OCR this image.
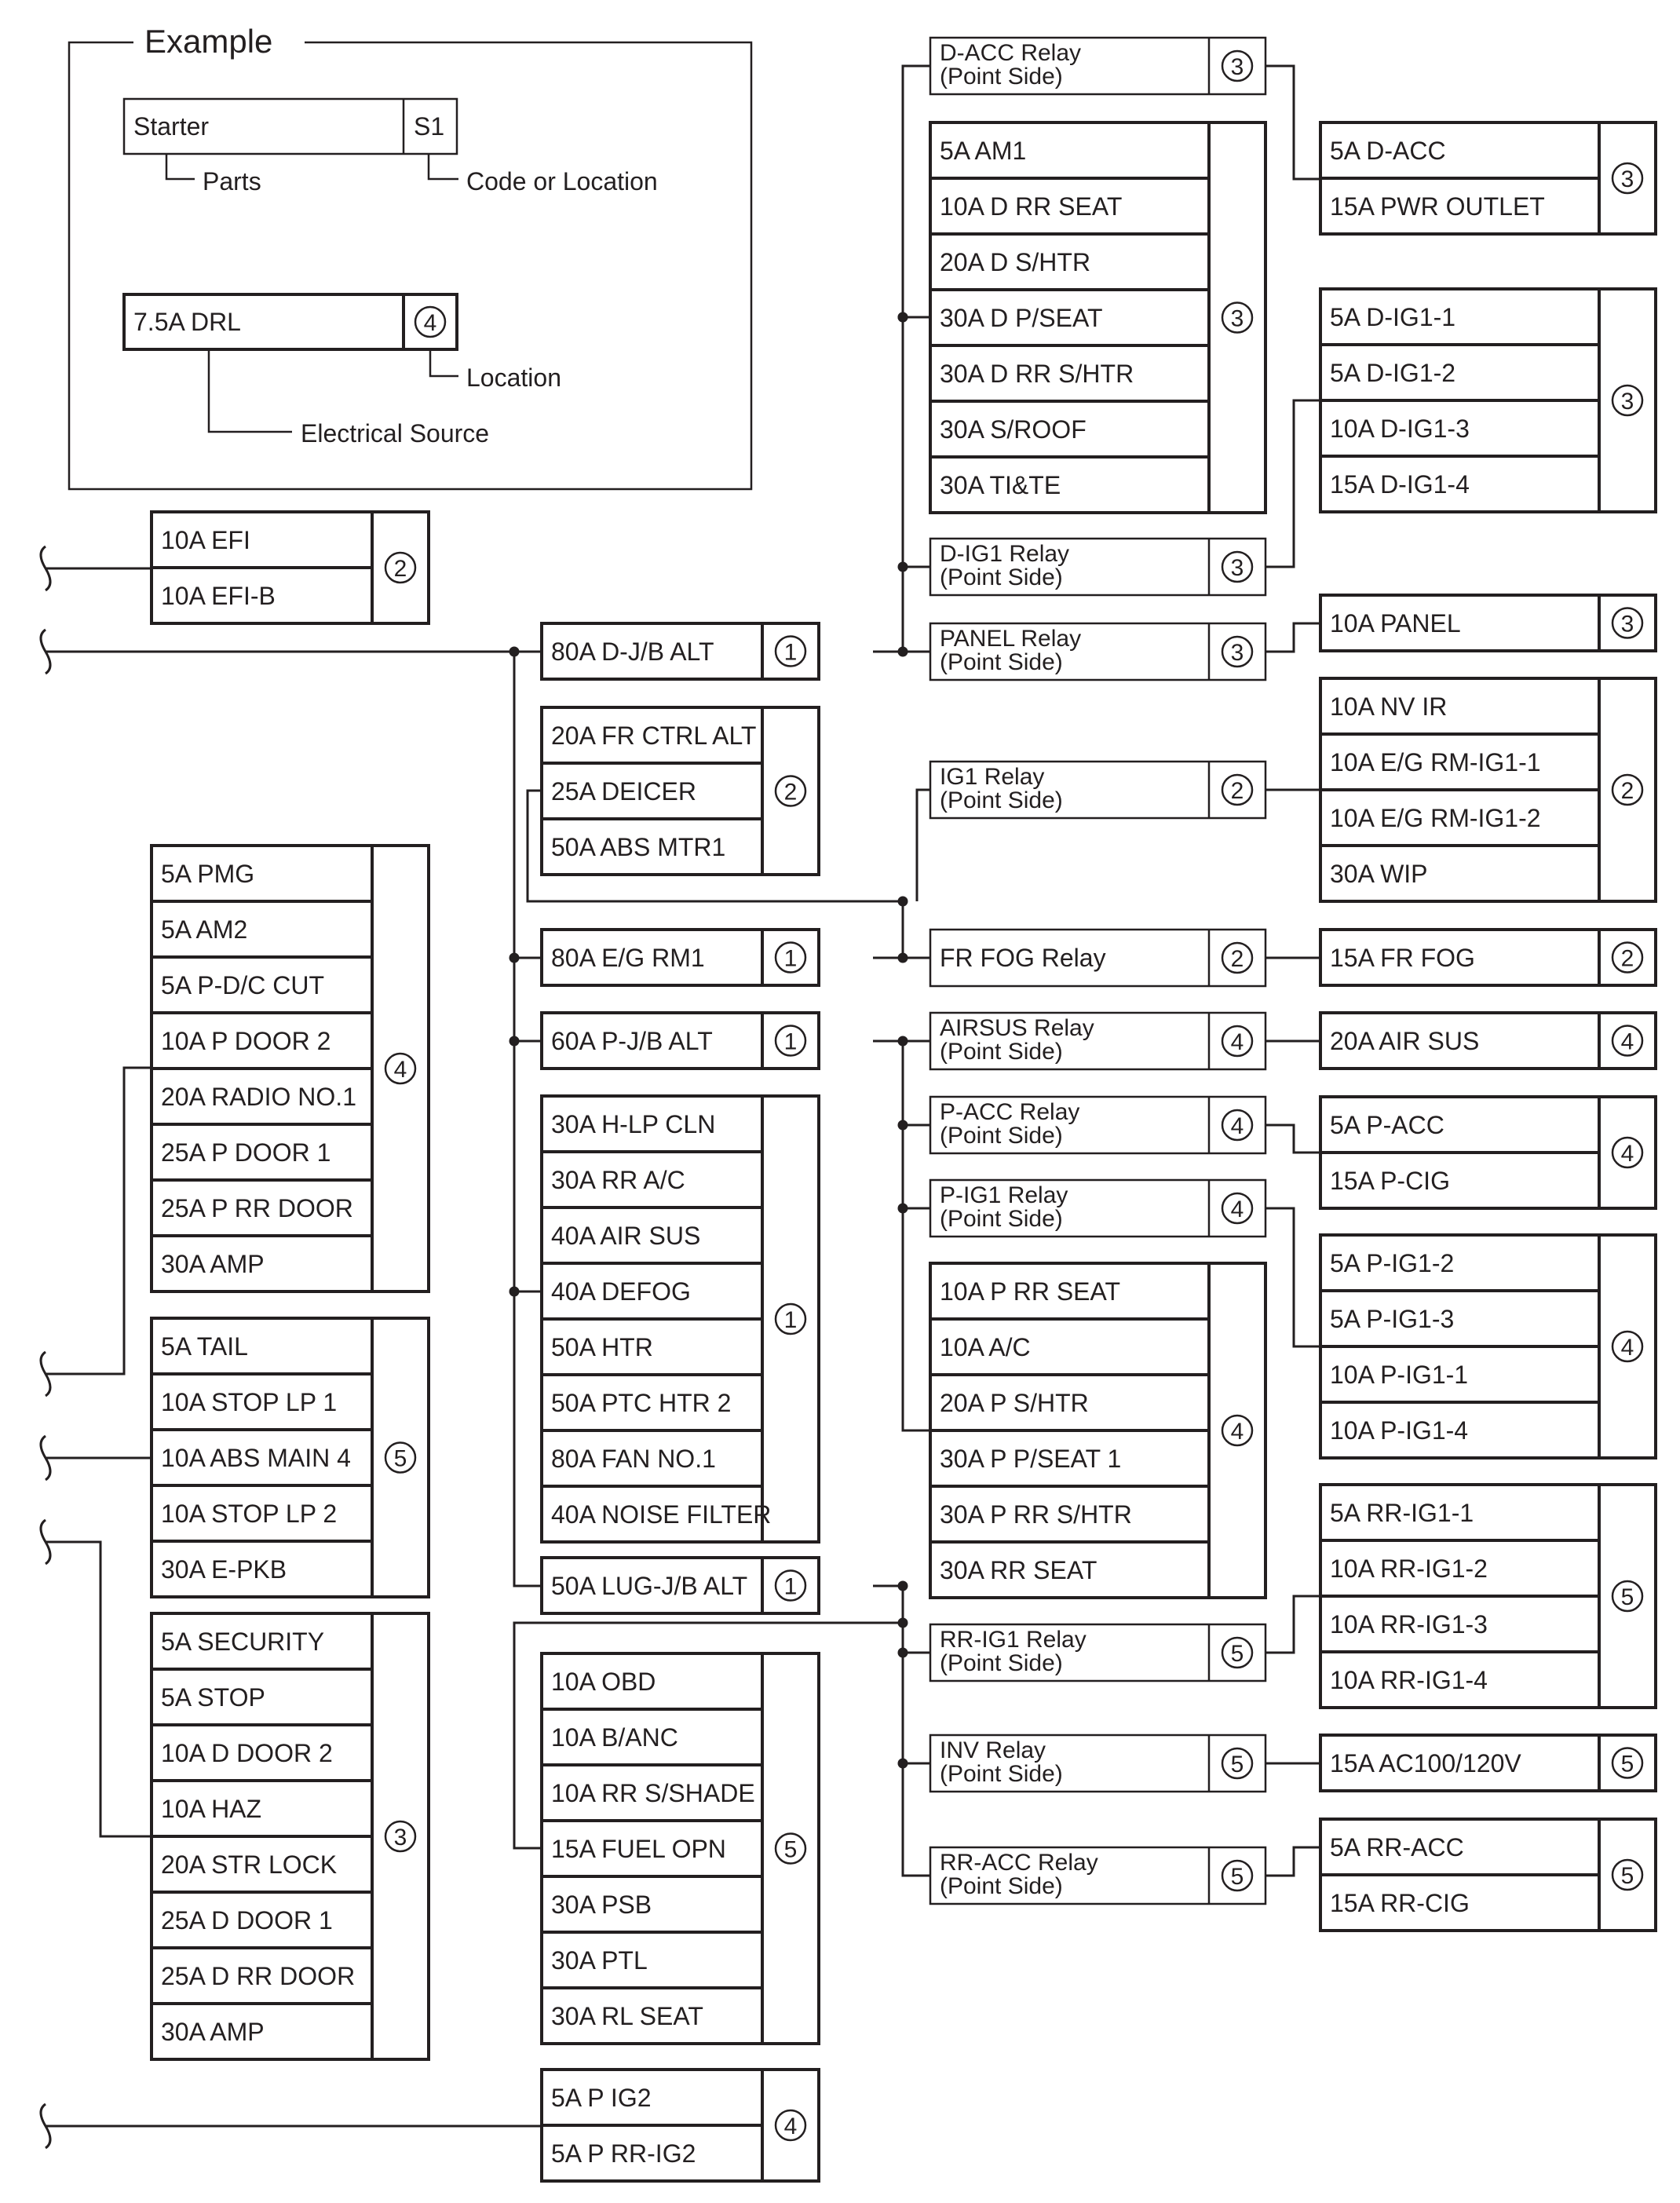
Example
Starter	S1
Parts	Code or Location
7.5A DRL	4
Location
Electrical Source
10A EFI
10A EFI-B
2
5A PMG
5A AM2
5A P-D/C CUT
10A P DOOR 2
20A RADIO NO.1
25A P DOOR 1
25A P RR DOOR
30A AMP
4
5A TAIL
10A STOP LP 1
10A ABS MAIN 4
10A STOP LP 2
30A E-PKB
5
5A SECURITY
5A STOP
10A D DOOR 2
10A HAZ
20A STR LOCK
25A D DOOR 1
25A D RR DOOR
30A AMP
3
80A D-J/B ALT	1
20A FR CTRL ALT
25A DEICER
50A ABS MTR1
2
80A E/G RM1	1
60A P-J/B ALT	1
30A H-LP CLN
30A RR A/C
40A AIR SUS
40A DEFOG
50A HTR
50A PTC HTR 2
80A FAN NO.1
40A NOISE FILTER
1
50A LUG-J/B ALT 1
10A OBD
10A B/ANC
10A RR S/SHADE
15A FUEL OPN
30A PSB
30A PTL
30A RL SEAT
5
5A P IG2
5A P RR-IG2
4
5A AM1
10A D RR SEAT
20A D S/HTR
30A D P/SEAT
30A D RR S/HTR
30A S/ROOF
30A TI&TE
3
10A P RR SEAT
10A A/C
20A P S/HTR
30A P P/SEAT 1
30A P RR S/HTR
30A RR SEAT
4
5A D-ACC
15A PWR OUTLET
3
5A D-IG1-1
5A D-IG1-2
10A D-IG1-3
15A D-IG1-4
3
10A PANEL	3
10A NV IR
10A E/G RM-IG1-1
10A E/G RM-IG1-2
30A WIP
2
15A FR FOG	2
20A AIR SUS	4
5A P-ACC
15A P-CIG
4
5A P-IG1-2
5A P-IG1-3
10A P-IG1-1
10A P-IG1-4
4
5A RR-IG1-1
10A RR-IG1-2
10A RR-IG1-3
10A RR-IG1-4
5
15A AC100/120V	5
5A RR-ACC
15A RR-CIG
5
D-ACC Relay
(Point Side)	3
D-IG1 Relay
(Point Side)	3
PANEL Relay
(Point Side)	3
IG1 Relay
(Point Side)	2
FR FOG Relay	2
AIRSUS Relay
(Point Side)	4
P-ACC Relay
(Point Side)	4
P-IG1 Relay
(Point Side)	4
RR-IG1 Relay
(Point Side)	5
INV Relay
(Point Side)	5
RR-ACC Relay
(Point Side)	5
